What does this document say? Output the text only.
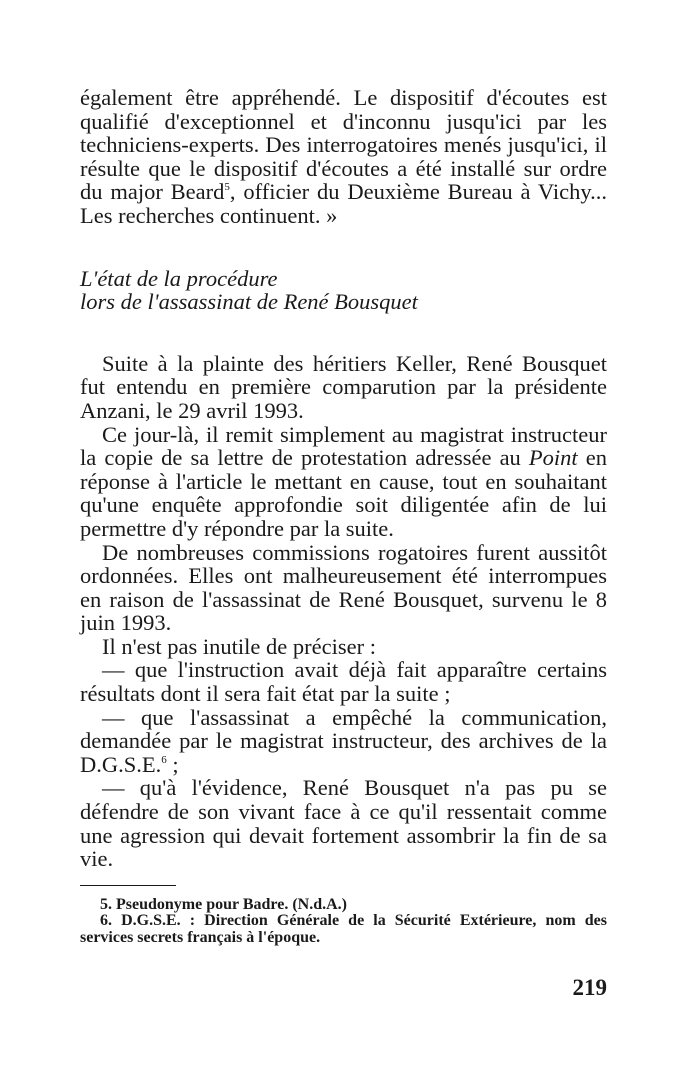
également être appréhendé. Le dispositif d'écoutes est qualifié d'exceptionnel et d'inconnu jusqu'ici par les techniciens-experts. Des interrogatoires menés jusqu'ici, il résulte que le dispositif d'écoutes a été installé sur ordre du major Beard$^5$, officier du Deuxième Bureau à Vichy... Les recherches continuent. »

L'état de la procédure
lors de l'assassinat de René Bousquet

Suite à la plainte des héritiers Keller, René Bousquet fut entendu en première comparution par la présidente Anzani, le 29 avril 1993.

Ce jour-là, il remit simplement au magistrat instructeur la copie de sa lettre de protestation adressée au Point en réponse à l'article le mettant en cause, tout en souhaitant qu'une enquête approfondie soit diligentée afin de lui permettre d'y répondre par la suite.

De nombreuses commissions rogatoires furent aussitôt ordonnées. Elles ont malheureusement été interrompues en raison de l'assassinat de René Bousquet, survenu le 8 juin 1993.

Il n'est pas inutile de préciser :

— que l'instruction avait déjà fait apparaître certains résultats dont il sera fait état par la suite ;

— que l'assassinat a empêché la communication, demandée par le magistrat instructeur, des archives de la D.G.S.E.$^6$ ;

— qu'à l'évidence, René Bousquet n'a pas pu se défendre de son vivant face à ce qu'il ressentait comme une agression qui devait fortement assombrir la fin de sa vie.

5. Pseudonyme pour Badre. (N.d.A.)

6. D.G.S.E. : Direction Générale de la Sécurité Extérieure, nom des services secrets français à l'époque.

219
